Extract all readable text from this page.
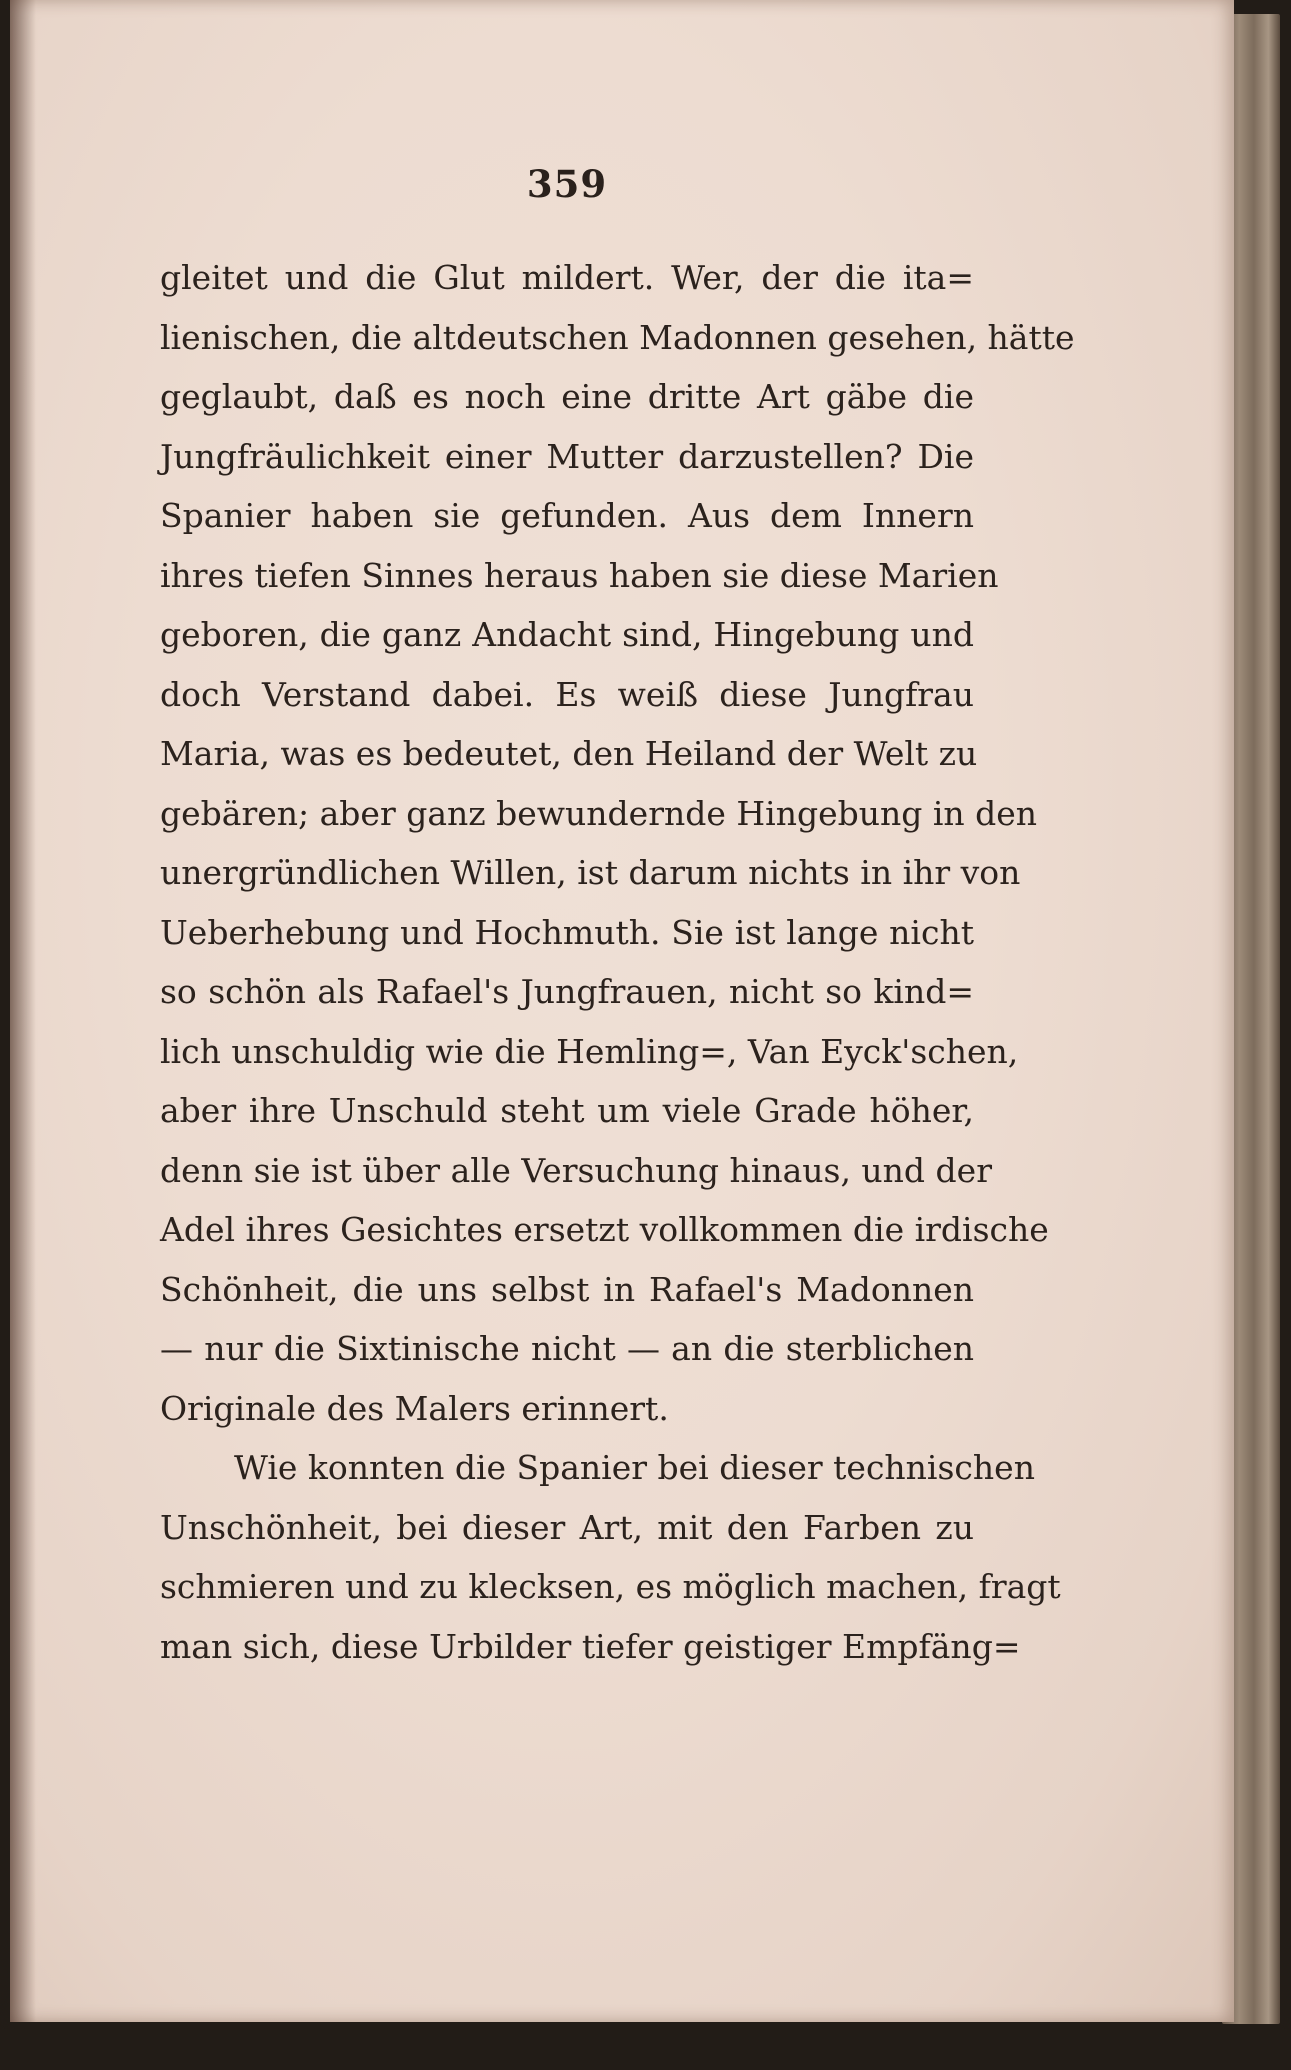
359
gleitet und die Glut mildert. Wer, der die ita=
lienischen, die altdeutschen Madonnen gesehen, hätte
geglaubt, daß es noch eine dritte Art gäbe die
Jungfräulichkeit einer Mutter darzustellen? Die
Spanier haben sie gefunden. Aus dem Innern
ihres tiefen Sinnes heraus haben sie diese Marien
geboren, die ganz Andacht sind, Hingebung und
doch Verstand dabei. Es weiß diese Jungfrau
Maria, was es bedeutet, den Heiland der Welt zu
gebären; aber ganz bewundernde Hingebung in den
unergründlichen Willen, ist darum nichts in ihr von
Ueberhebung und Hochmuth. Sie ist lange nicht
so schön als Rafael's Jungfrauen, nicht so kind=
lich unschuldig wie die Hemling=, Van Eyck'schen,
aber ihre Unschuld steht um viele Grade höher,
denn sie ist über alle Versuchung hinaus, und der
Adel ihres Gesichtes ersetzt vollkommen die irdische
Schönheit, die uns selbst in Rafael's Madonnen
— nur die Sixtinische nicht — an die sterblichen
Originale des Malers erinnert.
Wie konnten die Spanier bei dieser technischen
Unschönheit, bei dieser Art, mit den Farben zu
schmieren und zu klecksen, es möglich machen, fragt
man sich, diese Urbilder tiefer geistiger Empfäng=
